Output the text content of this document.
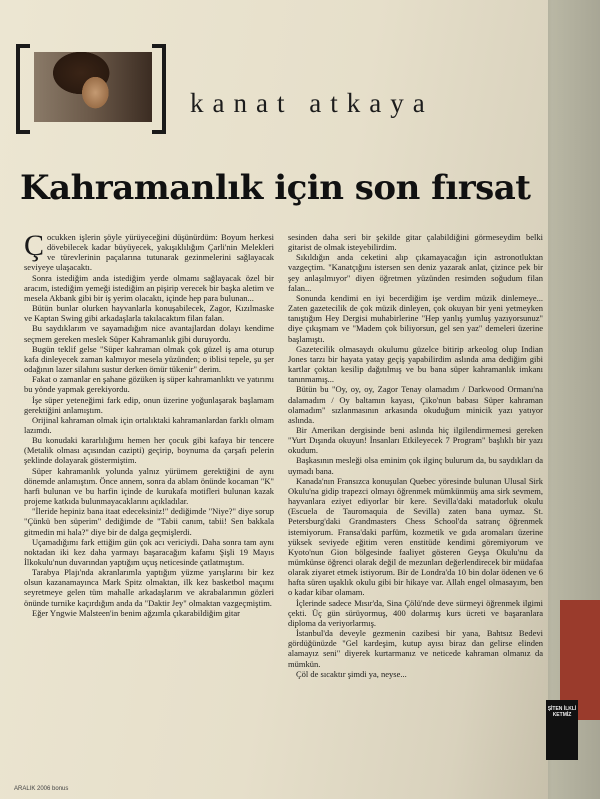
kanat atkaya
Kahramanlık için son fırsat

Çocukken işlerin şöyle yürüyeceğini düşünürdüm: Boyum herkesi dövebilecek kadar büyüyecek, yakışıklılığım Çarli'nin Melekleri ve türevlerinin paçalarına tutunarak gezinmelerini sağlayacak seviyeye ulaşacaktı.

Sonra istediğim anda istediğim yerde olmamı sağlayacak özel bir aracım, istediğim yemeği istediğim an pişirip verecek bir başka aletim ve mesela Akbank gibi bir iş yerim olacaktı, içinde hep para bulunan...

Bütün bunlar olurken hayvanlarla konuşabilecek, Zagor, Kızılmaske ve Kaptan Swing gibi arkadaşlarla takılacaktım filan falan.

Bu saydıklarım ve sayamadığım nice avantajlardan dolayı kendime seçmem gereken meslek Süper Kahramanlık gibi duruyordu.

Bugün teklif gelse "Süper kahraman olmak çok güzel iş ama oturup kafa dinleyecek zaman kalmıyor mesela yüzünden; o iblisi tepele, şu şer odağının lazer silahını sustur derken ömür tükenir" derim.

Fakat o zamanlar en şahane gözüken iş süper kahramanlıktı ve yatırımı bu yönde yapmak gerekiyordu.

İşe süper yeteneğimi fark edip, onun üzerine yoğunlaşarak başlamam gerektiğini anlamıştım.

Orijinal kahraman olmak için ortalıktaki kahramanlardan farklı olmam lazımdı.

Bu konudaki kararlılığımı hemen her çocuk gibi kafaya bir tencere (Metalik olması açısından cazipti) geçirip, boynuma da çarşafı pelerin şeklinde dolayarak göstermiştim.

Süper kahramanlık yolunda yalnız yürümem gerektiğini de aynı dönemde anlamıştım. Önce annem, sonra da ablam önünde kocaman "K" harfi bulunan ve bu harfin içinde de kurukafa motifleri bulunan kazak projeme katkıda bulunmayacaklarını açıkladılar.

"İleride hepiniz bana itaat edeceksiniz!" dediğimde "Niye?" diye sorup "Çünkü ben süperim" dediğimde de "Tabii canım, tabii! Sen bakkala gitmedin mi hala?" diye bir de dalga geçmişlerdi.

Uçamadığımı fark ettiğim gün çok acı vericiydi. Daha sonra tam aynı noktadan iki kez daha yarmayı başaracağım kafamı Şişli 19 Mayıs İlkokulu'nun duvarından yaptığım uçuş neticesinde çatlatmıştım.

Tarabya Plajı'nda akranlarımla yaptığım yüzme yarışlarını bir kez olsun kazanamayınca Mark Spitz olmaktan, ilk kez basketbol maçımı seyretmeye gelen tüm mahalle arkadaşlarım ve akrabalarımın gözleri önünde turnike kaçırdığım anda da "Daktir Jey" olmaktan vazgeçmiştim.

Eğer Yngwie Malsteen'in benim ağzımla çıkarabildiğim gitar

sesinden daha seri bir şekilde gitar çalabildiğini görmeseydim belki gitarist de olmak isteyebilirdim.

Sıkıldığın anda ceketini alıp çıkamayacağın için astronotluktan vazgeçtim. "Kanatçığını istersen sen deniz yazarak anlat, çizince pek bir şey anlaşılmıyor" diyen öğretmen yüzünden resimden soğudum filan falan...

Sonunda kendimi en iyi becerdiğim işe verdim müzik dinlemeye... Zaten gazetecilik de çok müzik dinleyen, çok okuyan bir yeni yetmeyken tanıştığım Hey Dergisi muhabirlerine "Hep yanlış yumluş yazıyorsunuz" diye çıkışmam ve "Madem çok biliyorsun, gel sen yaz" demeleri üzerine başlamıştı.

Gazetecilik olmasaydı okulumu güzelce bitirip arkeolog olup Indian Jones tarzı bir hayata yatay geçiş yapabilirdim aslında ama dediğim gibi kartlar çoktan kesilip dağıtılmış ve bu bana süper kahramanlık imkanı tanınmamış...

Bütün bu "Oy, oy, oy, Zagor Tenay olamadım / Darkwood Ormanı'na dalamadım / Oy baltamın kayası, Çiko'nun babası Süper kahraman olamadım" sızlanmasının arkasında okuduğum minicik yazı yatıyor aslında.

Bir Amerikan dergisinde beni aslında hiç ilgilendirmemesi gereken "Yurt Dışında okuyun! İnsanları Etkileyecek 7 Program" başlıklı bir yazı okudum.

Başkasının mesleği olsa eminim çok ilginç bulurum da, bu saydıkları da uymadı bana.

Kanada'nın Fransızca konuşulan Quebec yöresinde bulunan Ulusal Sirk Okulu'na gidip trapezci olmayı öğrenmek mümkünmüş ama sirk sevmem, hayvanlara eziyet ediyorlar bir kere. Sevilla'daki matadorluk okulu (Escuela de Tauromaquia de Sevilla) zaten bana uymaz. St. Petersburg'daki Grandmasters Chess School'da satranç öğrenmek istemiyorum. Fransa'daki parfüm, kozmetik ve gıda aromaları üzerine yüksek seviyede eğitim veren enstitüde kendimi göremiyorum ve Kyoto'nun Gion bölgesinde faaliyet gösteren Geyşa Okulu'nu da mümkünse öğrenci olarak değil de mezunları değerlendirecek bir müdafaa olarak ziyaret etmek istiyorum. Bir de Londra'da 10 bin dolar ödenen ve 6 hafta süren uşaklık okulu gibi bir hikaye var. Allah engel olmasayım, ben o kadar kibar olamam.

İçlerinde sadece Mısır'da, Sina Çölü'nde deve sürmeyi öğrenmek ilgimi çekti. Üç gün sürüyormuş, 400 dolarmış kurs ücreti ve başaranlara diploma da veriyorlarmış.

İstanbul'da deveyle gezmenin cazibesi bir yana, Bahtsız Bedevi gördüğünüzde "Gel kardeşim, kutup ayısı biraz dan gelirse elinden alamayız seni" diyerek kurtarmanız ve neticede kahraman olmanız da mümkün.

Çöl de sıcaktır şimdi ya, neyse...

ARALIK 2006 bonus
ŞİTEN İLKLİ KETMİZ
